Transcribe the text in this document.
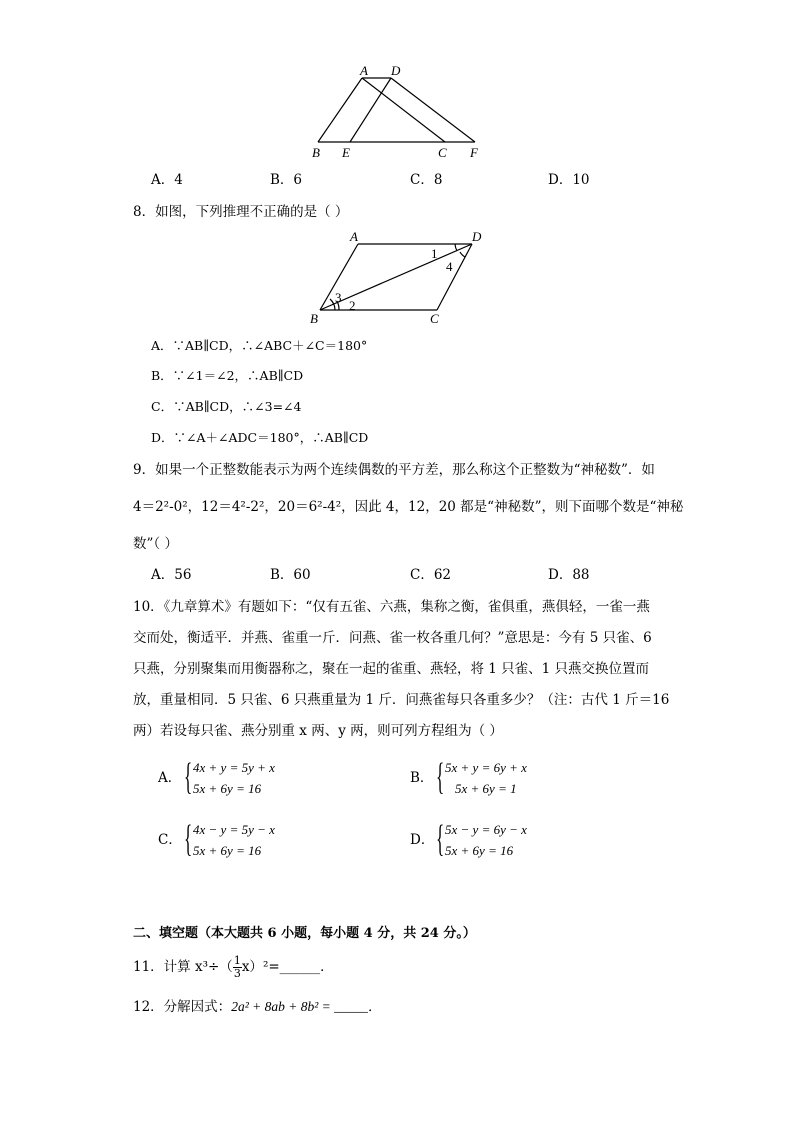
A D
B E	C F
A．4	B．6	C．8	D．10
8．如图，下列推理不正确的是（ ）
A	D
B	C
1
4
3
2
A．∵AB∥CD，∴∠ABC＋∠C＝180°
B．∵∠1＝∠2，∴AB∥CD
C．∵AB∥CD，∴∠3=∠4
D．∵∠A＋∠ADC＝180°，∴AB∥CD
9．如果一个正整数能表示为两个连续偶数的平方差，那么称这个正整数为“神秘数”．如
4＝2²-0²，12＝4²-2²，20＝6²-4²，因此 4，12，20 都是“神秘数”，则下面哪个数是“神秘
数”（ ）
A．56	B．60	C．62	D．88
10．《九章算术》有题如下：“仅有五雀、六燕，集称之衡，雀俱重，燕俱轻，一雀一燕
交而处，衡适平．并燕、雀重一斤．问燕、雀一枚各重几何？”意思是：今有 5 只雀、6
只燕，分别聚集而用衡器称之，聚在一起的雀重、燕轻，将 1 只雀、1 只燕交换位置而
放，重量相同．5 只雀、6 只燕重量为 1 斤．问燕雀每只各重多少？（注：古代 1 斤＝16
两）若设每只雀、燕分别重 x 两、y 两，则可列方程组为（ ）
A． { 4x + y = 5y + x
5x + 6y = 16
B． { 5x + y = 6y + x
5x + 6y = 1
C． { 4x − y = 5y − x
5x + 6y = 16
D． { 5x − y = 6y − x
5x + 6y = 16
二、填空题（本大题共 6 小题，每小题 4 分，共 24 分。）
11．计算 $x^3\div( \frac{1}{3}$ x）²=______．
12．分解因式：2a² + 8ab + 8b² = _____．
